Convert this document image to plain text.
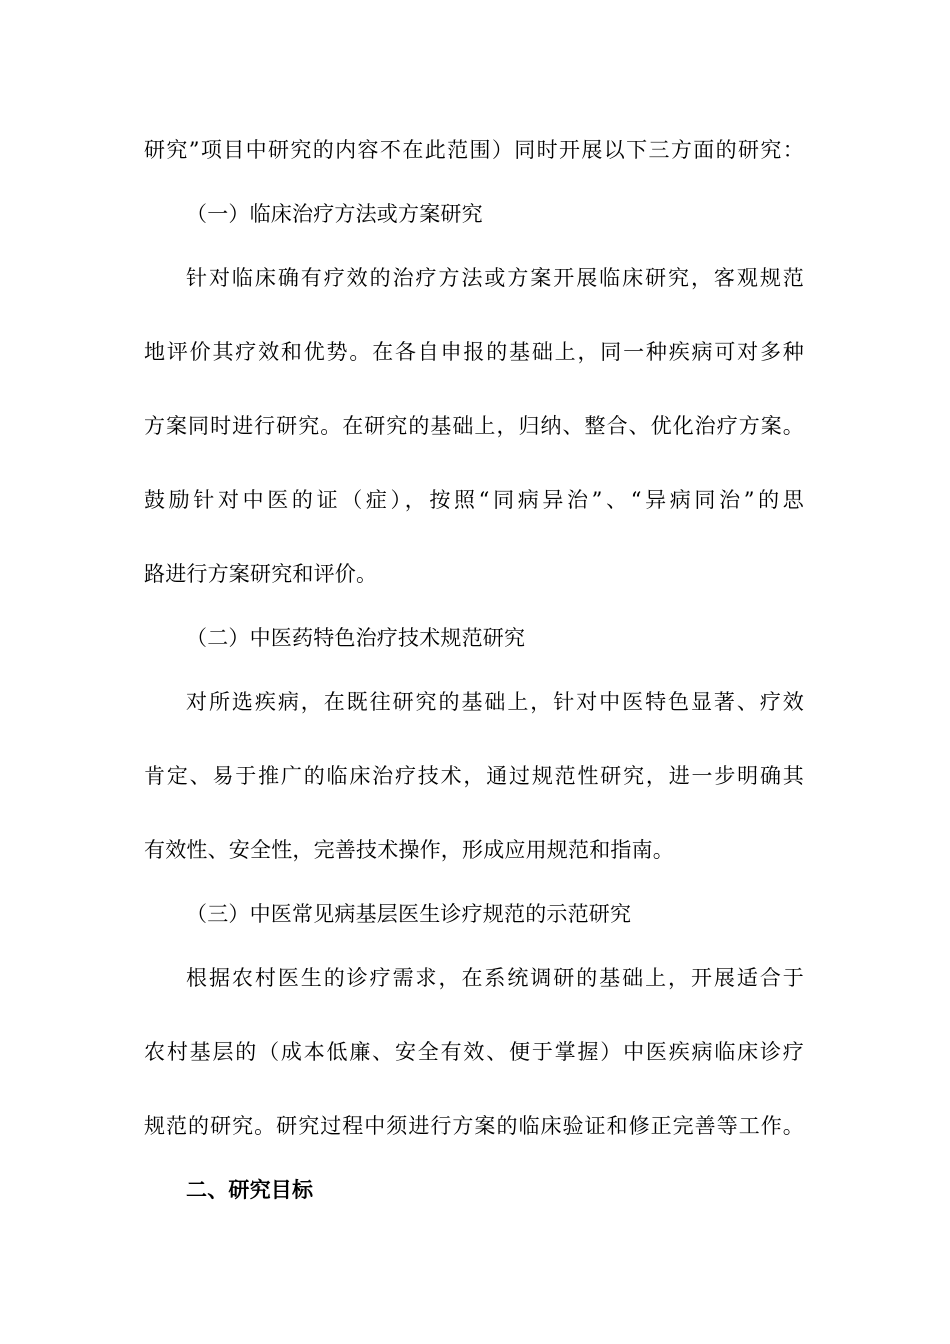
研究”项目中研究的内容不在此范围）同时开展以下三方面的研究：
（一）临床治疗方法或方案研究
针对临床确有疗效的治疗方法或方案开展临床研究，客观规范
地评价其疗效和优势。在各自申报的基础上，同一种疾病可对多种
方案同时进行研究。在研究的基础上，归纳、整合、优化治疗方案。
鼓励针对中医的证（症），按照“同病异治”、“异病同治”的思
路进行方案研究和评价。
（二）中医药特色治疗技术规范研究
对所选疾病，在既往研究的基础上，针对中医特色显著、疗效
肯定、易于推广的临床治疗技术，通过规范性研究，进一步明确其
有效性、安全性，完善技术操作，形成应用规范和指南。
（三）中医常见病基层医生诊疗规范的示范研究
根据农村医生的诊疗需求，在系统调研的基础上，开展适合于
农村基层的（成本低廉、安全有效、便于掌握）中医疾病临床诊疗
规范的研究。研究过程中须进行方案的临床验证和修正完善等工作。
二、研究目标
